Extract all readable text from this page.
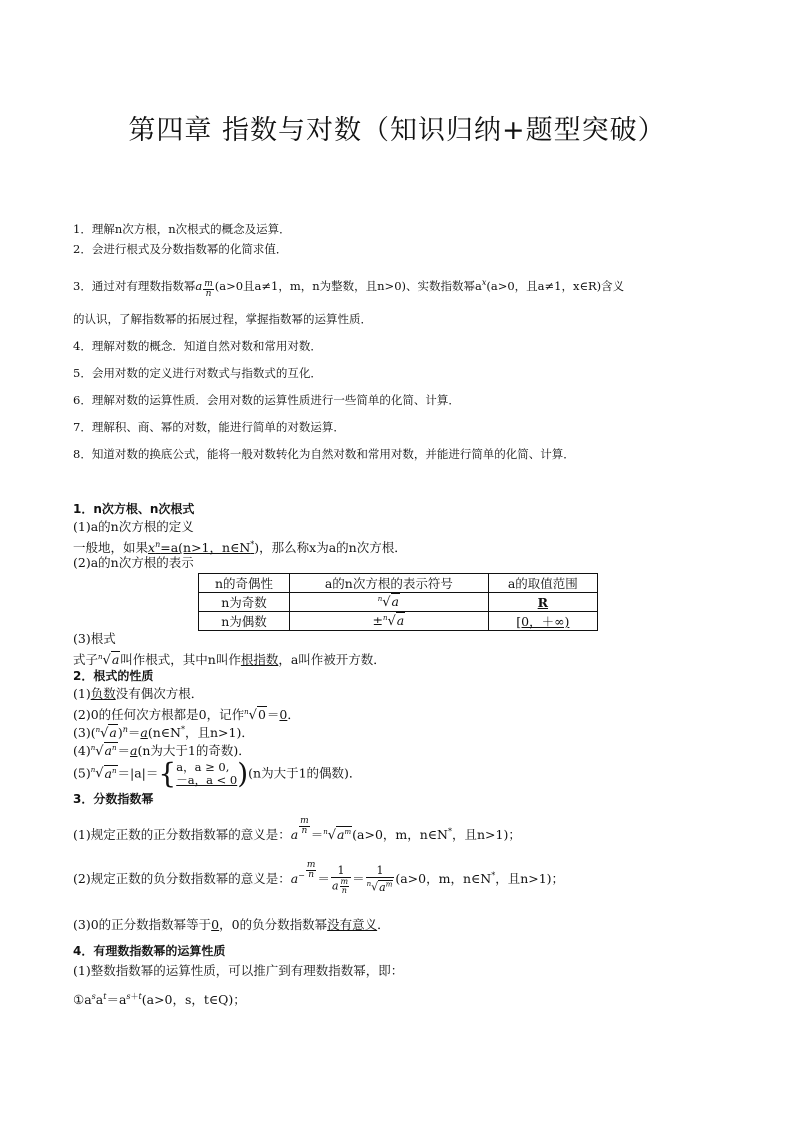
第四章 指数与对数（知识归纳+题型突破）
1．理解n次方根，n次根式的概念及运算．
2．会进行根式及分数指数幂的化简求值．
3．通过对有理数指数幂a $\frac{m}{n} (a>0$且a≠1，m，n为整数，且n>0)、实数指数幂$a^x(a>0$，且a≠1，x∈R)含义
的认识，了解指数幂的拓展过程，掌握指数幂的运算性质．
4．理解对数的概念．知道自然对数和常用对数．
5．会用对数的定义进行对数式与指数式的互化．
6．理解对数的运算性质．会用对数的运算性质进行一些简单的化简、计算．
7．理解积、商、幂的对数，能进行简单的对数运算．
8．知道对数的换底公式，能将一般对数转化为自然对数和常用对数，并能进行简单的化简、计算．
1．n次方根、n次根式
(1)a的n次方根的定义
一般地，如果$x^n=a(n>1$，n∈N*)，那么称x为a的n次方根．
(2)a的n次方根的表示
n的奇偶性	a的n次方根的表示符号	a的取值范围
n为奇数	$^n$√a	R
n为偶数	±$^n$√a	[0，＋∞)
(3)根式
式子$^n$√a叫作根式，其中n叫作根指数，a叫作被开方数．
2．根式的性质
(1)负数没有偶次方根．
(2)0的任何次方根都是0，记作$^n$√0＝0．
$(3)(^n√a)^n=a(n\in N^*$，且n>1)．
$(4)^n√a^n=a(n$为大于1的奇数)．
$(5)^n√a^n=|a|=${ a，a ≥ 0,
－a，a < 0 )(n为大于1的偶数)．
3．分数指数幂
(1)规定正数的正分数指数幂的意义是：a $\frac{m}{n} =^n√a^m(a>0$，m，n∈N*，且n>1)；
(2)规定正数的负分数指数幂的意义是：$a^- \frac{m}{n} = \frac{1}{a \frac{m}{n}} = \frac{1}{^n√a^m} (a>0$，m，n∈N*，且n>1)；
(3)0的正分数指数幂等于0，0的负分数指数幂没有意义．
4．有理数指数幂的运算性质
(1)整数指数幂的运算性质，可以推广到有理数指数幂，即：
$①a^sa^t=a^{s+t}(a>0$，s，t∈Q)；
